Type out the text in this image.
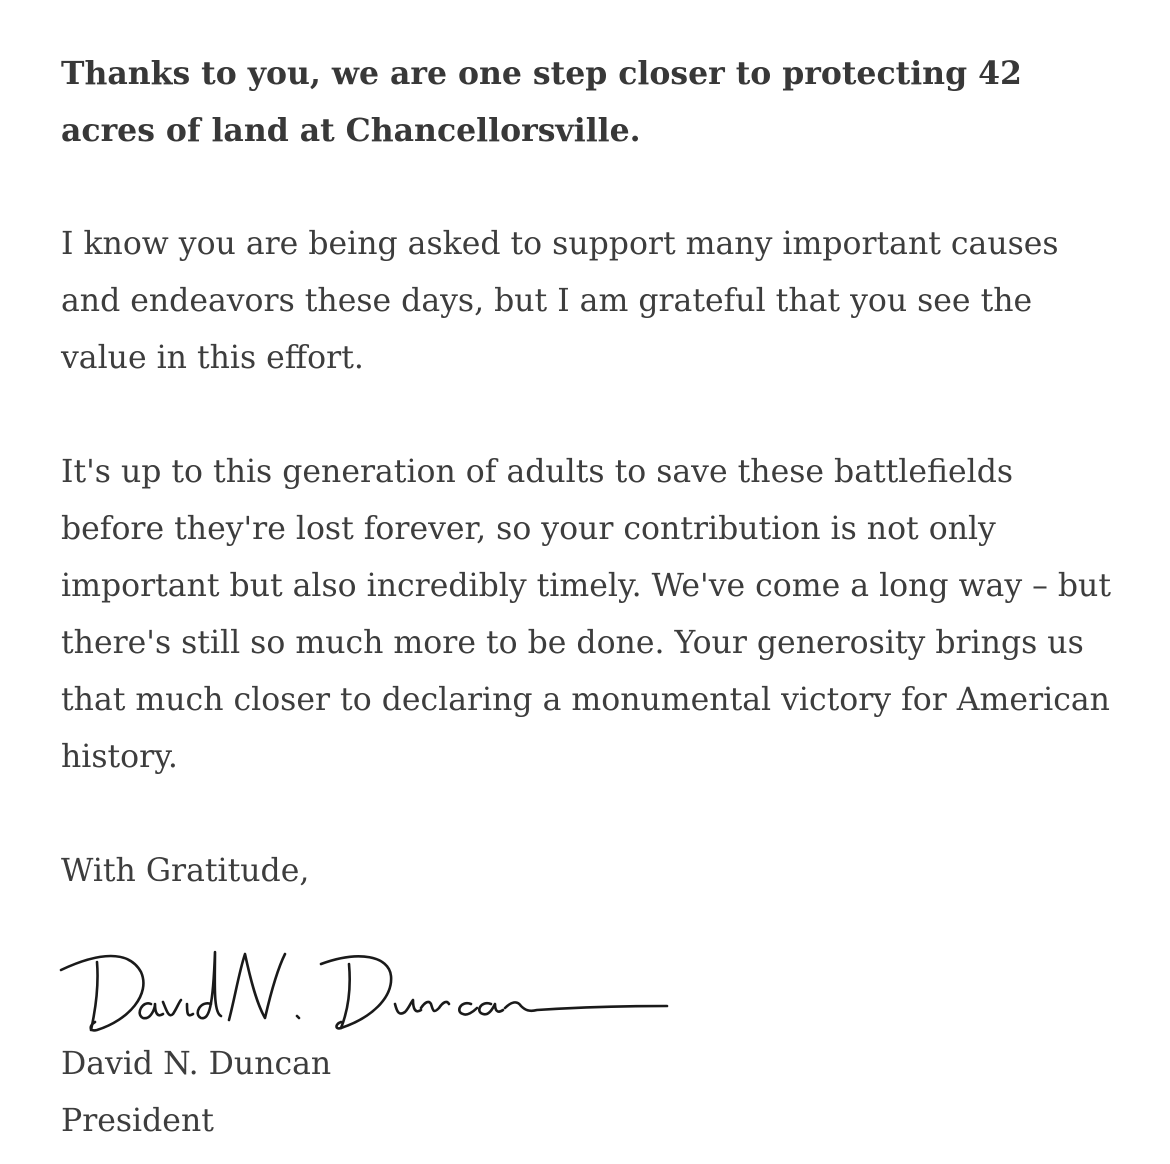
Thanks to you, we are one step closer to protecting 42 acres of land at Chancellorsville.

I know you are being asked to support many important causes and endeavors these days, but I am grateful that you see the value in this effort.

It's up to this generation of adults to save these battlefields before they're lost forever, so your contribution is not only important but also incredibly timely. We've come a long way – but there's still so much more to be done. Your generosity brings us that much closer to declaring a monumental victory for American history.

With Gratitude,

David N. Duncan
President
